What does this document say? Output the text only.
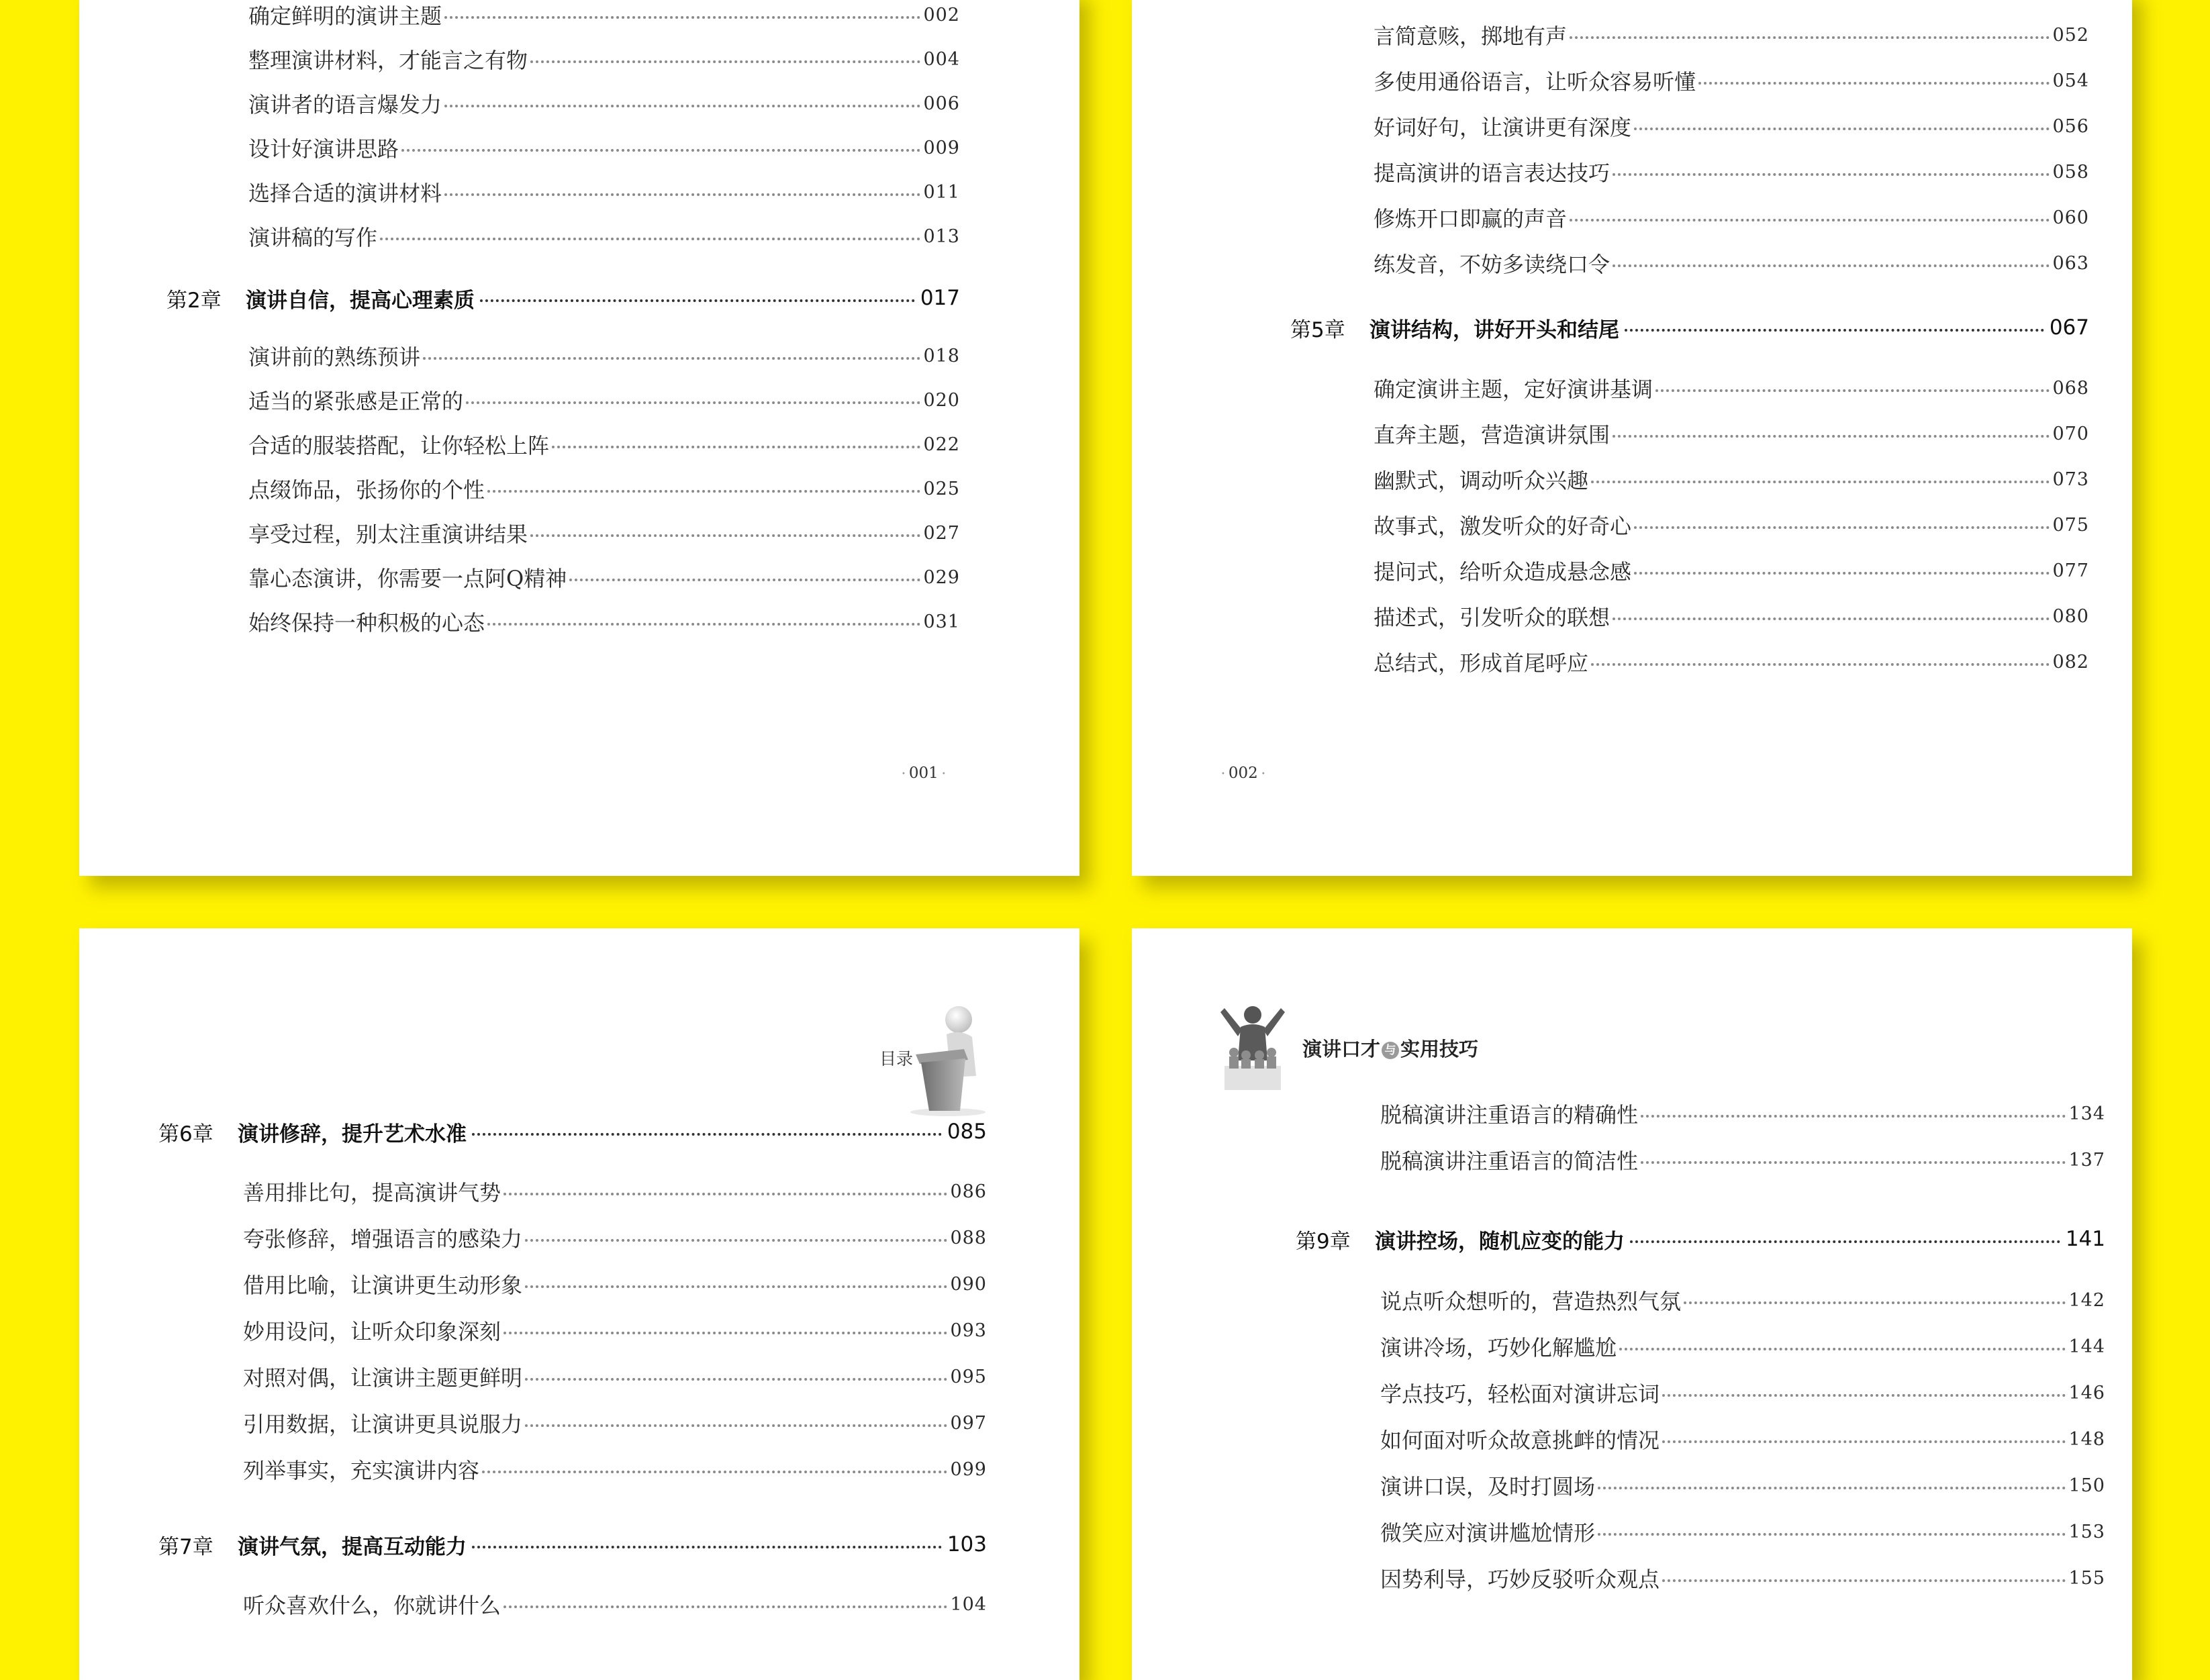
确定鲜明的演讲主题	002
整理演讲材料，才能言之有物	004
演讲者的语言爆发力	006
设计好演讲思路	009
选择合适的演讲材料	011
演讲稿的写作	013
第2章	演讲自信，提高心理素质	017
演讲前的熟练预讲	018
适当的紧张感是正常的	020
合适的服装搭配，让你轻松上阵	022
点缀饰品，张扬你的个性	025
享受过程，别太注重演讲结果	027
靠心态演讲，你需要一点阿Q精神	029
始终保持一种积极的心态	031
• 001 •
言简意赅，掷地有声	052
多使用通俗语言，让听众容易听懂	054
好词好句，让演讲更有深度	056
提高演讲的语言表达技巧	058
修炼开口即赢的声音	060
练发音，不妨多读绕口令	063
第5章	演讲结构，讲好开头和结尾	067
确定演讲主题，定好演讲基调	068
直奔主题，营造演讲氛围	070
幽默式，调动听众兴趣	073
故事式，激发听众的好奇心	075
提问式，给听众造成悬念感	077
描述式，引发听众的联想	080
总结式，形成首尾呼应	082
• 002 •
目录
第6章	演讲修辞，提升艺术水准	085
善用排比句，提高演讲气势	086
夸张修辞，增强语言的感染力	088
借用比喻，让演讲更生动形象	090
妙用设问，让听众印象深刻	093
对照对偶，让演讲主题更鲜明	095
引用数据，让演讲更具说服力	097
列举事实，充实演讲内容	099
第7章	演讲气氛，提高互动能力	103
听众喜欢什么，你就讲什么	104
演讲口才 与 实用技巧
脱稿演讲注重语言的精确性	134
脱稿演讲注重语言的简洁性	137
第9章	演讲控场，随机应变的能力	141
说点听众想听的，营造热烈气氛	142
演讲冷场，巧妙化解尴尬	144
学点技巧，轻松面对演讲忘词	146
如何面对听众故意挑衅的情况	148
演讲口误，及时打圆场	150
微笑应对演讲尴尬情形	153
因势利导，巧妙反驳听众观点	155
